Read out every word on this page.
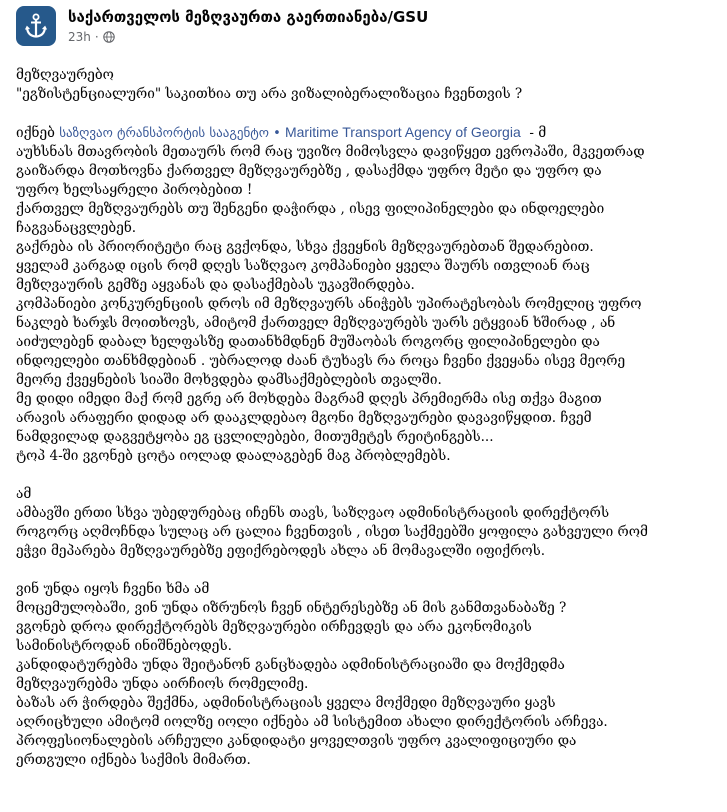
საქართველოს მეზღვაურთა გაერთიანება/GSU
23h ·
მეზღვაურებო
"ეგზისტენციალური" საკითხია თუ არა ვიზალიბერალიზაცია ჩვენთვის ?
იქნებ საზღვაო ტრანსპორტის სააგენტო • Maritime Transport Agency of Georgia  - მ
აუხსნას მთავრობის მეთაურს რომ რაც უვიზო მიმოსვლა დავიწყეთ ევროპაში, მკვეთრად
გაიზარდა მოთხოვნა ქართველ მეზღვაურებზე , დასაქმდა უფრო მეტი და უფრო და
უფრო ხელსაყრელი პირობებით !
ქართველ მეზღვაურებს თუ შენგენი დაჭირდა , ისევ ფილიპინელები და ინდოელები
ჩაგვანაცვლებენ.
გაქრება ის პრიორიტეტი რაც გვქონდა, სხვა ქვეყნის მეზღვაურებთან შედარებით.
ყველამ კარგად იცის რომ დღეს საზღვაო კომპანიები ყველა შაურს ითვლიან რაც
მეზღვაურის გემზე აყვანას და დასაქმებას უკავშირდება.
კომპანიები კონკურენციის დროს იმ მეზღვაურს ანიჭებს უპირატესობას რომელიც უფრო
ნაკლებ ხარჯს მოითხოვს, ამიტომ ქართველ მეზღვაურებს უარს ეტყვიან ხშირად , ან
აიძულებენ დაბალ ხელფასზე დათანხმდნენ მუშაობას როგორც ფილიპინელები და
ინდოელები თანხმდებიან . უბრალოდ ძაან ტუხავს რა როცა ჩვენი ქვეყანა ისევ მეორე
მეორე ქვეყნების სიაში მოხვდება დამსაქმებლების თვალში.
მე დიდი იმედი მაქ რომ ეგრე არ მოხდება მაგრამ დღეს პრემიერმა ისე თქვა მაგით
არავის არაფერი დიდად არ დააკლდებაო მგონი მეზღვაურები დავავიწყდით. ჩვემ
ნამდვილად დაგვეტყობა ეგ ცვლილებები, მითუმეტეს რეიტინგებს...
ტოპ 4-ში ვგონებ ცოტა იოლად დაალაგებენ მაგ პრობლემებს.
ამ
ამბავში ერთი სხვა უბედურებაც იჩენს თავს, საზღვაო ადმინისტრაციის დირექტორს
როგორც აღმოჩნდა სულაც არ ცალია ჩვენთვის , ისეთ საქმეებში ყოფილა გახვეული რომ
ეჭვი მეპარება მეზღვაურებზე ეფიქრებოდეს ახლა ან მომავალში იფიქროს.
ვინ უნდა იყოს ჩვენი ხმა ამ
მოცემულობაში, ვინ უნდა იზრუნოს ჩვენ ინტერესებზე ან მის განმთვანაბაზე ?
ვგონებ დროა დირექტორებს მეზღვაურები ირჩევდეს და არა ეკონომიკის
სამინისტროდან ინიშნებოდეს.
კანდიდატურებმა უნდა შეიტანონ განცხადება ადმინისტრაციაში და მოქმედმა
მეზღვაურებმა უნდა აირჩიოს რომელიმე.
ბაზას არ ჭირდება შექმნა, ადმინისტრაციას ყველა მოქმედი მეზღვაური ყავს
აღრიცხული ამიტომ იოლზე იოლი იქნება ამ სისტემით ახალი დირექტორის არჩევა.
პროფესიონალების არჩეული კანდიდატი ყოველთვის უფრო კვალიფიციური და
ერთგული იქნება საქმის მიმართ.
